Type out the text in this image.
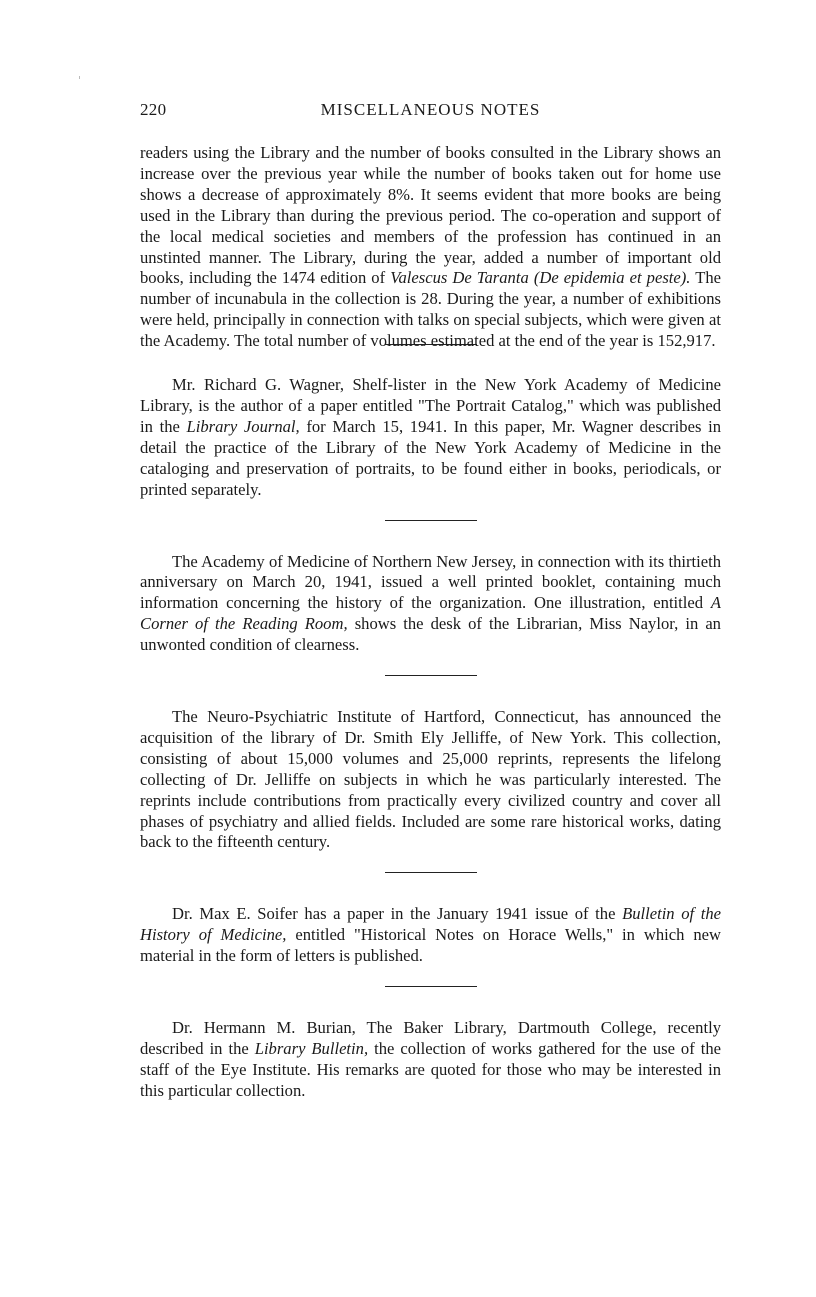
220	MISCELLANEOUS NOTES

readers using the Library and the number of books consulted in the Library shows an increase over the previous year while the number of books taken out for home use shows a decrease of approximately 8%. It seems evident that more books are being used in the Library than during the previous period. The co-operation and support of the local medical societies and members of the profession has continued in an unstinted manner. The Library, during the year, added a number of important old books, including the 1474 edition of Valescus De Taranta (De epidemia et peste). The number of incunabula in the collection is 28. During the year, a number of exhibitions were held, principally in connection with talks on special subjects, which were given at the Academy. The total number of volumes estimated at the end of the year is 152,917.

Mr. Richard G. Wagner, Shelf-lister in the New York Academy of Medicine Library, is the author of a paper entitled "The Portrait Catalog," which was published in the Library Journal, for March 15, 1941. In this paper, Mr. Wagner describes in detail the practice of the Library of the New York Academy of Medicine in the cataloging and preservation of portraits, to be found either in books, periodicals, or printed separately.

The Academy of Medicine of Northern New Jersey, in connection with its thirtieth anniversary on March 20, 1941, issued a well printed booklet, containing much information concerning the history of the organization. One illustration, entitled A Corner of the Reading Room, shows the desk of the Librarian, Miss Naylor, in an unwonted condition of clearness.

The Neuro-Psychiatric Institute of Hartford, Connecticut, has announced the acquisition of the library of Dr. Smith Ely Jelliffe, of New York. This collection, consisting of about 15,000 volumes and 25,000 reprints, represents the lifelong collecting of Dr. Jelliffe on subjects in which he was particularly interested. The reprints include contributions from practically every civilized country and cover all phases of psychiatry and allied fields. Included are some rare historical works, dating back to the fifteenth century.

Dr. Max E. Soifer has a paper in the January 1941 issue of the Bulletin of the History of Medicine, entitled "Historical Notes on Horace Wells," in which new material in the form of letters is published.

Dr. Hermann M. Burian, The Baker Library, Dartmouth College, recently described in the Library Bulletin, the collection of works gathered for the use of the staff of the Eye Institute. His remarks are quoted for those who may be interested in this particular collection.
